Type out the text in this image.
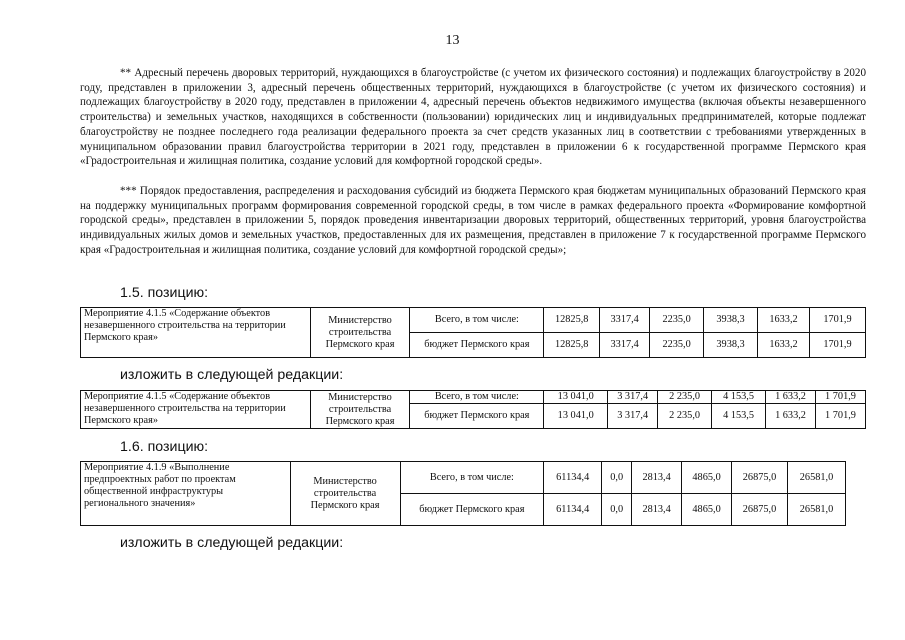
13

** Адресный перечень дворовых территорий, нуждающихся в благоустройстве (с учетом их физического состояния) и подлежащих благоустройству в 2020 году, представлен в приложении 3, адресный перечень общественных территорий, нуждающихся в благоустройстве (с учетом их физического состояния) и подлежащих благоустройству в 2020 году, представлен в приложении 4, адресный перечень объектов недвижимого имущества (включая объекты незавершенного строительства) и земельных участков, находящихся в собственности (пользовании) юридических лиц и индивидуальных предпринимателей, которые подлежат благоустройству не позднее последнего года реализации федерального проекта за счет средств указанных лиц в соответствии с требованиями утвержденных в муниципальном образовании правил благоустройства территории в 2021 году, представлен в приложении 6 к государственной программе Пермского края «Градостроительная и жилищная политика, создание условий для комфортной городской среды».

*** Порядок предоставления, распределения и расходования субсидий из бюджета Пермского края бюджетам муниципальных образований Пермского края на поддержку муниципальных программ формирования современной городской среды, в том числе в рамках федерального проекта «Формирование комфортной городской среды», представлен в приложении 5, порядок проведения инвентаризации дворовых территорий, общественных территорий, уровня благоустройства индивидуальных жилых домов и земельных участков, предоставленных для их размещения, представлен в приложение 7 к государственной программе Пермского края «Градостроительная и жилищная политика, создание условий для комфортной городской среды»;

1.5. позицию:
Мероприятие 4.1.5 «Содержание объектов незавершенного строительства на территории Пермского края»	Министерство строительства Пермского края	Всего, в том числе:	12825,8	3317,4	2235,0	3938,3	1633,2	1701,9
		бюджет Пермского края	12825,8	3317,4	2235,0	3938,3	1633,2	1701,9
изложить в следующей редакции:
Мероприятие 4.1.5 «Содержание объектов незавершенного строительства на территории Пермского края»	Министерство строительства Пермского края	Всего, в том числе:	13 041,0	3 317,4	2 235,0	4 153,5	1 633,2	1 701,9
		бюджет Пермского края	13 041,0	3 317,4	2 235,0	4 153,5	1 633,2	1 701,9
1.6. позицию:
Мероприятие 4.1.9 «Выполнение предпроектных работ по проектам общественной инфраструктуры регионального значения»	Министерство строительства Пермского края	Всего, в том числе:	61134,4	0,0	2813,4	4865,0	26875,0	26581,0
		бюджет Пермского края	61134,4	0,0	2813,4	4865,0	26875,0	26581,0
изложить в следующей редакции:
